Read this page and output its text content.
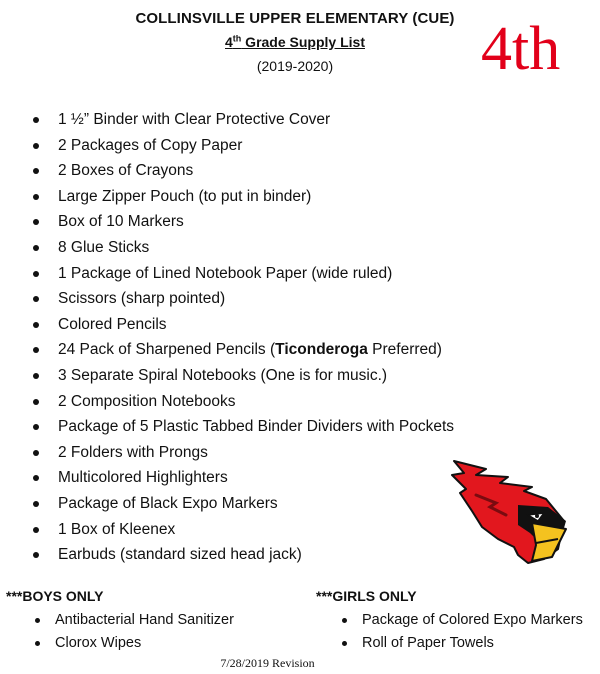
COLLINSVILLE UPPER ELEMENTARY (CUE)
4th Grade Supply List
(2019-2020)	4th
1 ½” Binder with Clear Protective Cover
2 Packages of Copy Paper
2 Boxes of Crayons
Large Zipper Pouch (to put in binder)
Box of 10 Markers
8 Glue Sticks
1 Package of Lined Notebook Paper (wide ruled)
Scissors (sharp pointed)
Colored Pencils
24 Pack of Sharpened Pencils (Ticonderoga Preferred)
3 Separate Spiral Notebooks (One is for music.)
2 Composition Notebooks
Package of 5 Plastic Tabbed Binder Dividers with Pockets
2 Folders with Prongs
Multicolored Highlighters
Package of Black Expo Markers
1 Box of Kleenex
Earbuds (standard sized head jack)
***BOYS ONLY	***GIRLS ONLY
Antibacterial Hand Sanitizer
Clorox Wipes
Package of Colored Expo Markers
Roll of Paper Towels
7/28/2019 Revision
